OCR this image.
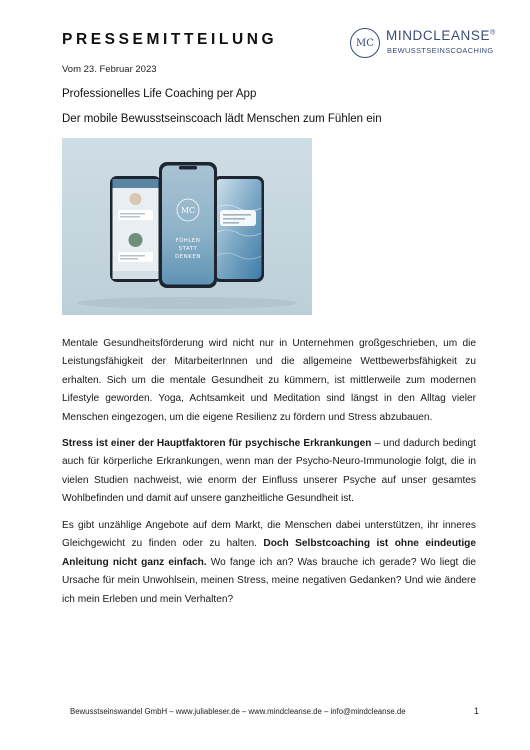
PRESSEMITTEILUNG
Vom 23. Februar 2023
MC MINDCLEANSE®
BEWUSSTSEINSCOACHING
Professionelles Life Coaching per App
Der mobile Bewusstseinscoach lädt Menschen zum Fühlen ein
MC
FÜHLEN
STATT
DENKEN

Mentale Gesundheitsförderung wird nicht nur in Unternehmen großgeschrieben, um die Leistungsfähigkeit der MitarbeiterInnen und die allgemeine Wettbewerbsfähigkeit zu erhalten. Sich um die mentale Gesundheit zu kümmern, ist mittlerweile zum modernen Lifestyle geworden. Yoga, Achtsamkeit und Meditation sind längst in den Alltag vieler Menschen eingezogen, um die eigene Resilienz zu fördern und Stress abzubauen.

Stress ist einer der Hauptfaktoren für psychische Erkrankungen – und dadurch bedingt auch für körperliche Erkrankungen, wenn man der Psycho-Neuro-Immunologie folgt, die in vielen Studien nachweist, wie enorm der Einfluss unserer Psyche auf unser gesamtes Wohlbefinden und damit auf unsere ganzheitliche Gesundheit ist.

Es gibt unzählige Angebote auf dem Markt, die Menschen dabei unterstützen, ihr inneres Gleichgewicht zu finden oder zu halten. Doch Selbstcoaching ist ohne eindeutige Anleitung nicht ganz einfach. Wo fange ich an? Was brauche ich gerade? Wo liegt die Ursache für mein Unwohlsein, meinen Stress, meine negativen Gedanken? Und wie ändere ich mein Erleben und mein Verhalten?

Bewusstseinswandel GmbH – www.juliableser.de – www.mindcleanse.de – info@mindcleanse.de	1
